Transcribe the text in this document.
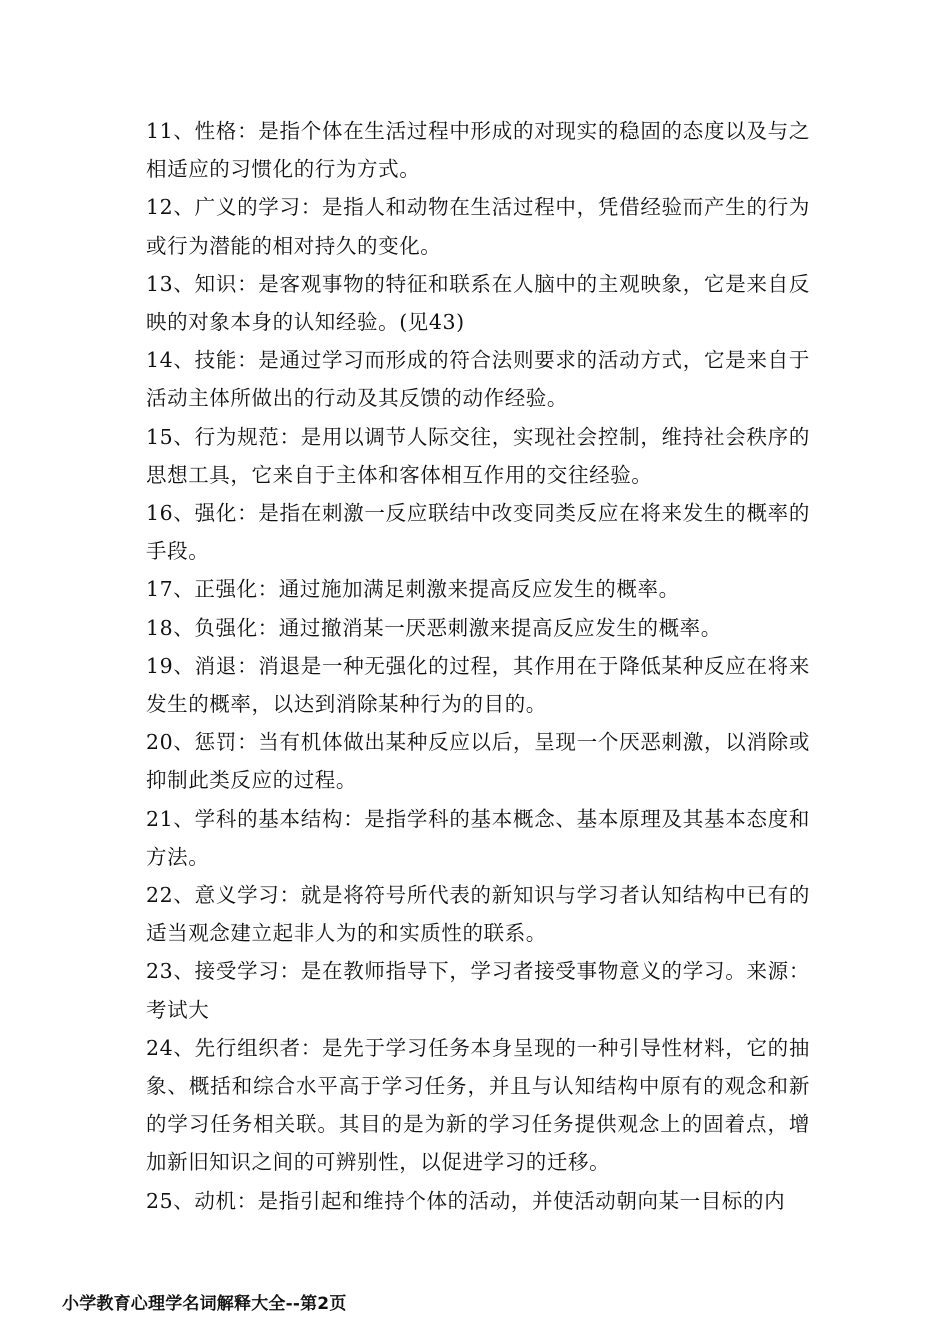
11、性格：是指个体在生活过程中形成的对现实的稳固的态度以及与之相适应的习惯化的行为方式。

12、广义的学习：是指人和动物在生活过程中，凭借经验而产生的行为或行为潜能的相对持久的变化。

13、知识：是客观事物的特征和联系在人脑中的主观映象，它是来自反映的对象本身的认知经验。(见43)

14、技能：是通过学习而形成的符合法则要求的活动方式，它是来自于活动主体所做出的行动及其反馈的动作经验。

15、行为规范：是用以调节人际交往，实现社会控制，维持社会秩序的思想工具，它来自于主体和客体相互作用的交往经验。

16、强化：是指在刺激一反应联结中改变同类反应在将来发生的概率的手段。

17、正强化：通过施加满足刺激来提高反应发生的概率。

18、负强化：通过撤消某一厌恶刺激来提高反应发生的概率。

19、消退：消退是一种无强化的过程，其作用在于降低某种反应在将来发生的概率，以达到消除某种行为的目的。

20、惩罚：当有机体做出某种反应以后，呈现一个厌恶刺激，以消除或抑制此类反应的过程。

21、学科的基本结构：是指学科的基本概念、基本原理及其基本态度和方法。

22、意义学习：就是将符号所代表的新知识与学习者认知结构中已有的适当观念建立起非人为的和实质性的联系。

23、接受学习：是在教师指导下，学习者接受事物意义的学习。来源：考试大

24、先行组织者：是先于学习任务本身呈现的一种引导性材料，它的抽象、概括和综合水平高于学习任务，并且与认知结构中原有的观念和新的学习任务相关联。其目的是为新的学习任务提供观念上的固着点，增加新旧知识之间的可辨别性，以促进学习的迁移。

25、动机：是指引起和维持个体的活动，并使活动朝向某一目标的内

小学教育心理学名词解释大全--第2页
